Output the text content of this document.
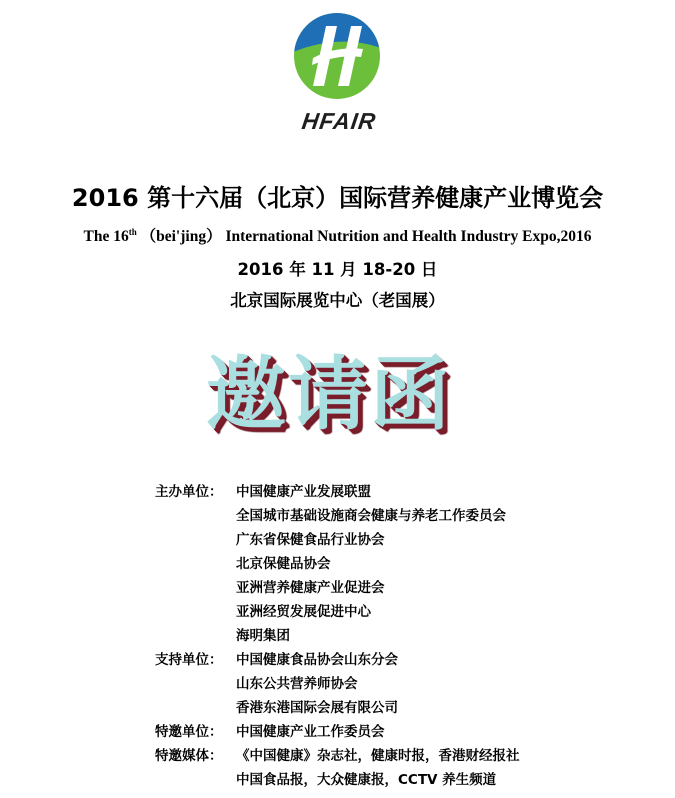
HFAIR
2016 第十六届（北京）国际营养健康产业博览会
The 16th （bei'jing） International Nutrition and Health Industry Expo,2016
2016 年 11 月 18-20 日
北京国际展览中心（老国展）
邀请函
主办单位：	中国健康产业发展联盟
全国城市基础设施商会健康与养老工作委员会
广东省保健食品行业协会
北京保健品协会
亚洲营养健康产业促进会
亚洲经贸发展促进中心
海明集团
支持单位：	中国健康食品协会山东分会
山东公共营养师协会
香港东港国际会展有限公司
特邀单位：	中国健康产业工作委员会
特邀媒体：	《中国健康》杂志社，健康时报，香港财经报社
中国食品报，大众健康报，CCTV 养生频道
